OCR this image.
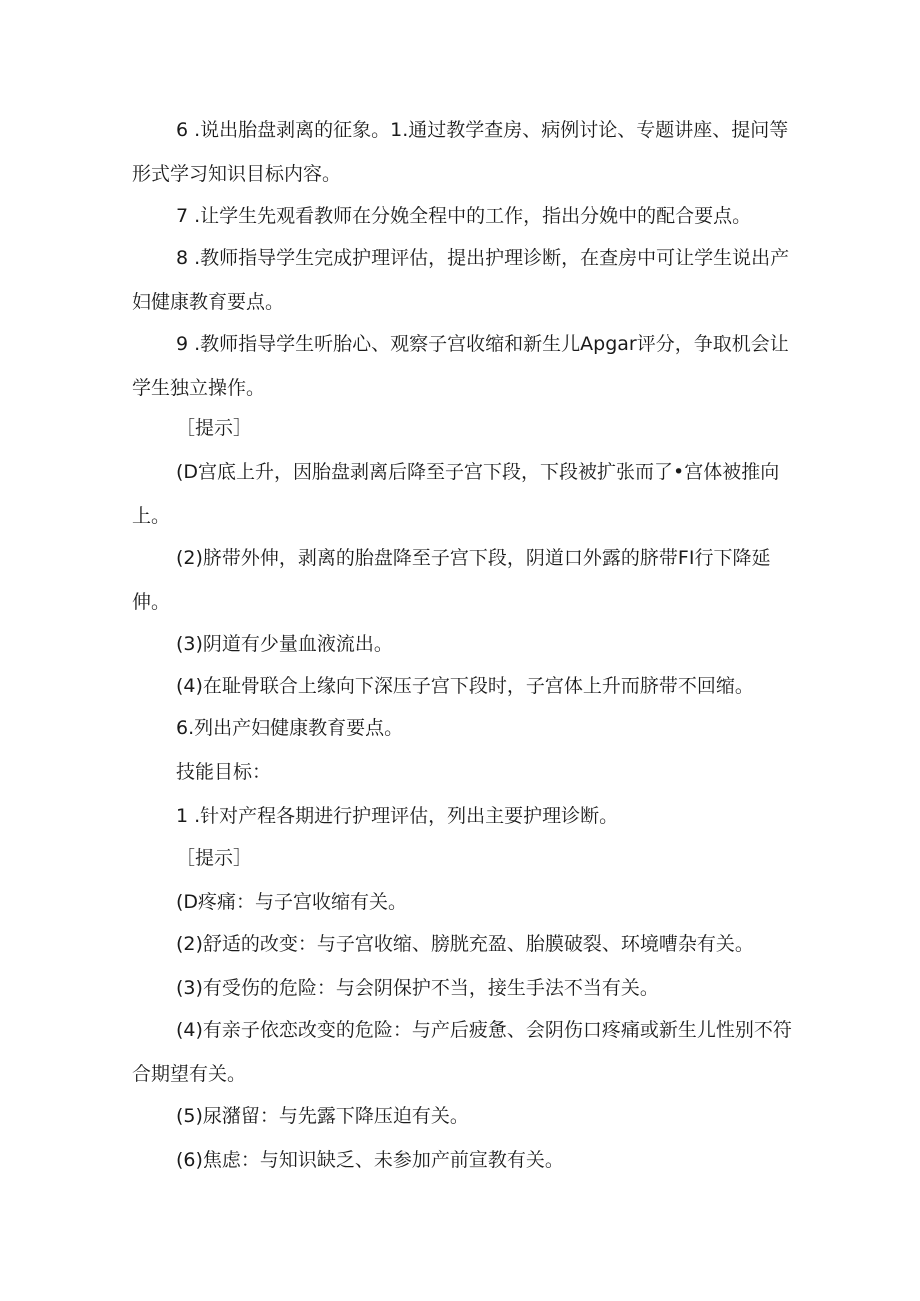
6 .说出胎盘剥离的征象。1.通过教学查房、病例讨论、专题讲座、提问等形式学习知识目标内容。

7 .让学生先观看教师在分娩全程中的工作，指出分娩中的配合要点。

8 .教师指导学生完成护理评估，提出护理诊断，在查房中可让学生说出产妇健康教育要点。

9 .教师指导学生听胎心、观察子宫收缩和新生儿Apgar评分，争取机会让学生独立操作。

［提示］

(D宫底上升，因胎盘剥离后降至子宫下段，下段被扩张而了•宫体被推向上。

(2)脐带外伸，剥离的胎盘降至子宫下段，阴道口外露的脐带FI行下降延伸。

(3)阴道有少量血液流出。

(4)在耻骨联合上缘向下深压子宫下段时，子宫体上升而脐带不回缩。

6.列出产妇健康教育要点。

技能目标：

1 .针对产程各期进行护理评估，列出主要护理诊断。

［提示］

(D疼痛：与子宫收缩有关。

(2)舒适的改变：与子宫收缩、膀胱充盈、胎膜破裂、环境嘈杂有关。

(3)有受伤的危险：与会阴保护不当，接生手法不当有关。

(4)有亲子依恋改变的危险：与产后疲惫、会阴伤口疼痛或新生儿性别不符合期望有关。

(5)尿潴留：与先露下降压迫有关。

(6)焦虑：与知识缺乏、未参加产前宣教有关。
